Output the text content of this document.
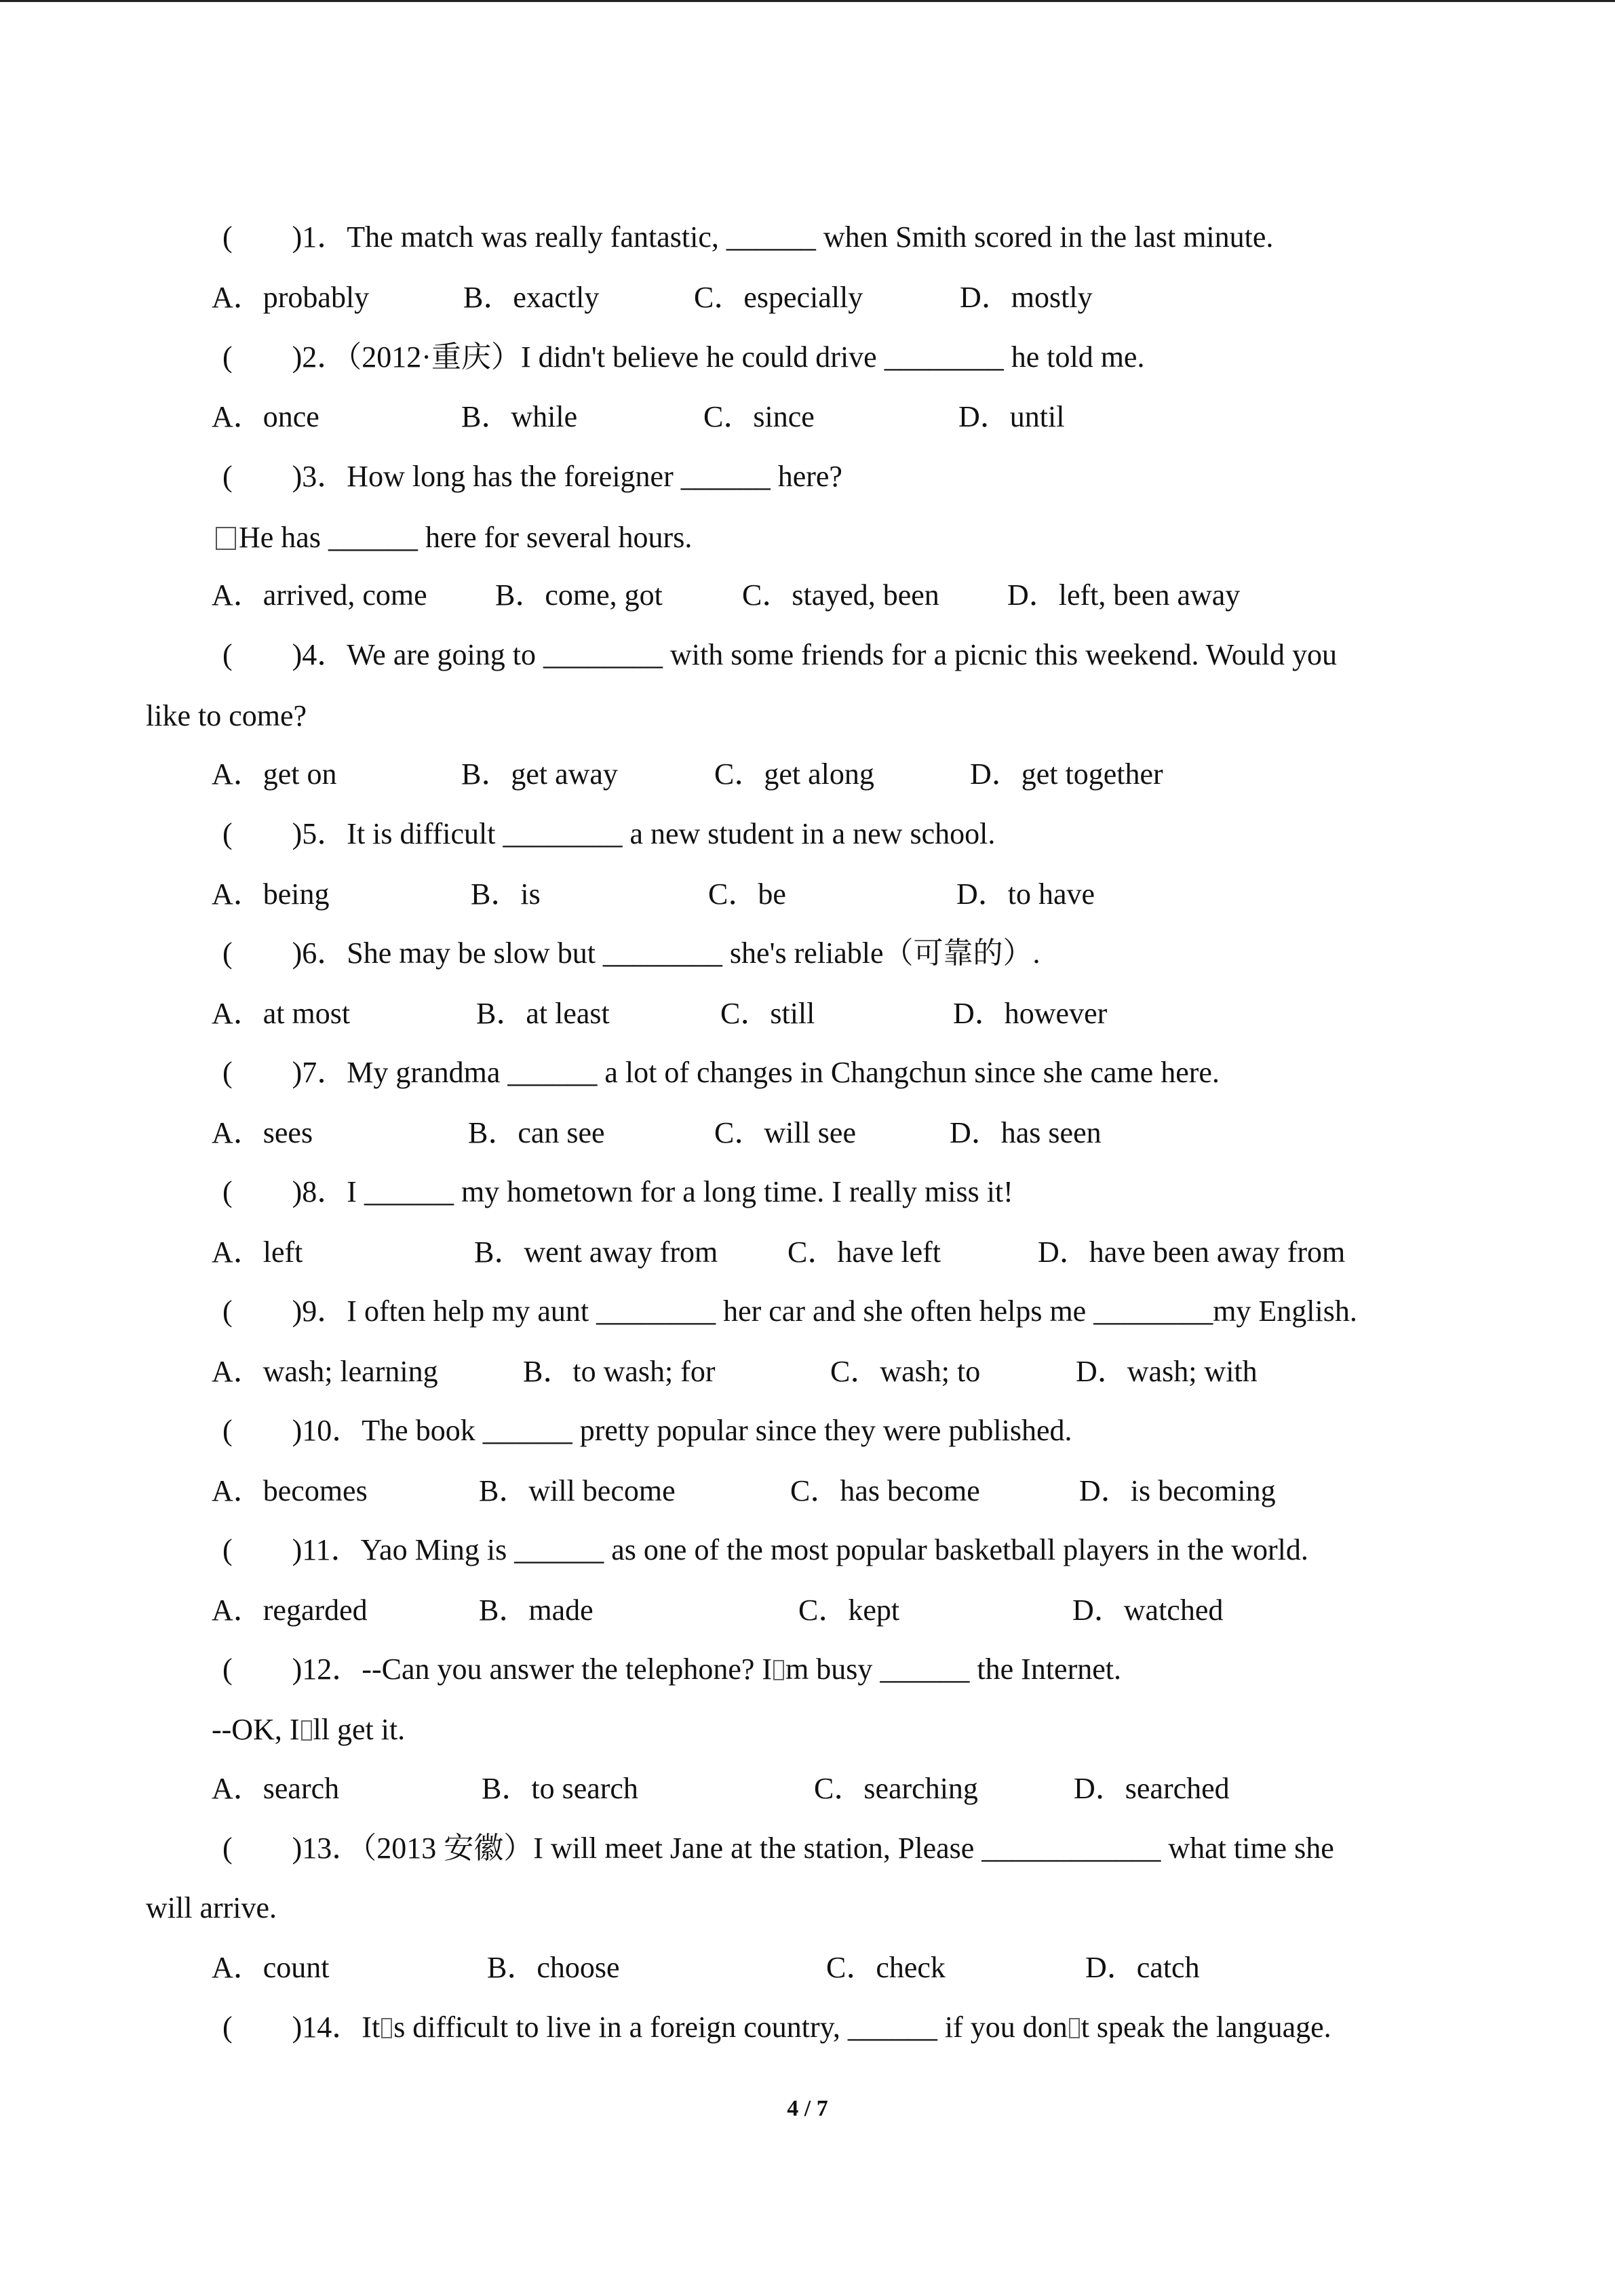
(　　)1．The match was really fantastic, ______ when Smith scored in the last minute.

A．probably

	B．exactly

	C．especially

	D．mostly

(　　)2．（2012·重庆）I didn't believe he could drive ________ he told me.

A．once

	B．while

	C．since

	D．until

(　　)3．How long has the foreigner ______ here?

He has ______ here for several hours.

A．arrived, come

B．come, got

	C．stayed, been

D．left, been away

(　　)4．We are going to ________ with some friends for a picnic this weekend. Would you

like to come?

A．get on

	B．get away

	C．get along

	D．get together

(　　)5．It is difficult ________ a new student in a new school.

A．being

	B．is

	C．be

	D．to have

(　　)6．She may be slow but ________ she's reliable（可靠的）.

A．at most

	B．at least

	C．still

	D．however

(　　)7．My grandma ______ a lot of changes in Changchun since she came here.

A．sees

	B．can see

	C．will see

	D．has seen

(　　)8．I ______ my hometown for a long time. I really miss it!

A．left

	B．went away from

C．have left

	D．have been away from

(　　)9．I often help my aunt ________ her car and she often helps me ________my English.

A．wash; learning

	B．to wash; for

	C．wash; to

	D．wash; with

(　　)10．The book ______ pretty popular since they were published.

A．becomes

	B．will become

	C．has become

	D．is becoming

(　　)11．Yao Ming is ______ as one of the most popular basketball players in the world.

A．regarded

	B．made

	C．kept

	D．watched

(　　)12．--Can you answer the telephone? I m busy ______ the Internet.

--OK, I ll get it.

A．search

	B．to search

	C．searching

	D．searched

(　　)13．（2013 安徽）I will meet Jane at the station, Please ____________ what time she

will arrive.

A．count

	B．choose

	C．check

	D．catch

(　　)14．It s difficult to live in a foreign country, ______ if you don t speak the language.

4 / 7
